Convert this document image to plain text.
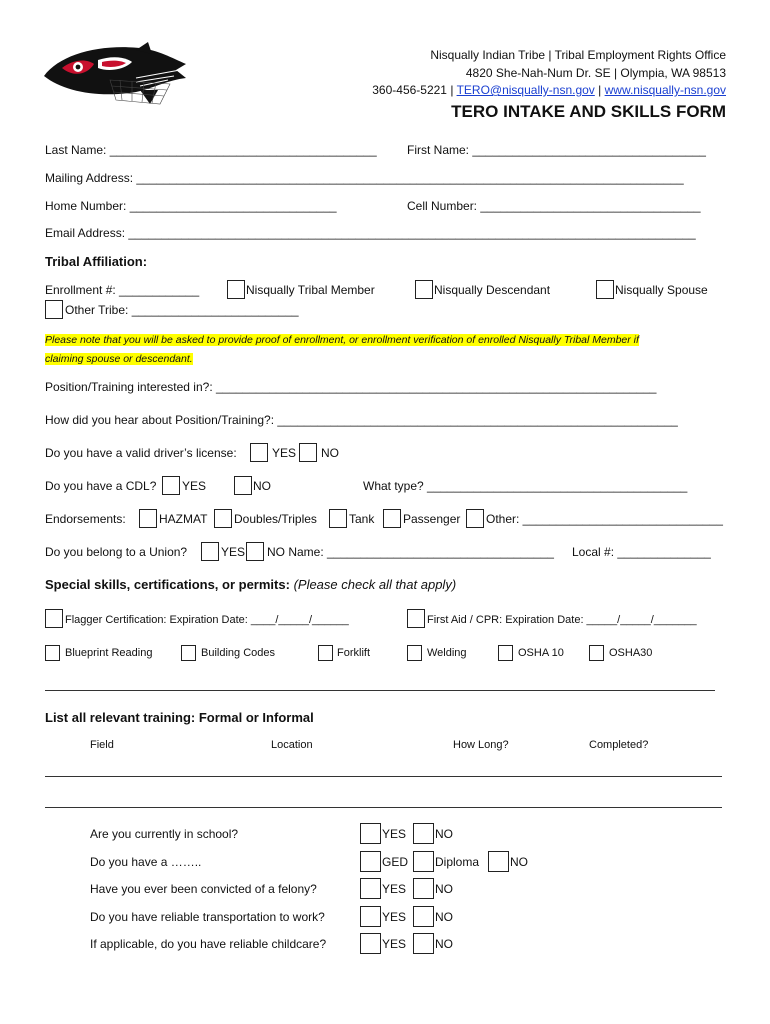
Nisqually Indian Tribe | Tribal Employment Rights Office
4820 She-Nah-Num Dr. SE | Olympia, WA 98513
360-456-5221 | TERO@nisqually-nsn.gov | www.nisqually-nsn.gov
TERO INTAKE AND SKILLS FORM
Last Name: ________________________________________	First Name: ___________________________________
Mailing Address: __________________________________________________________________________________
Home Number: _______________________________	Cell Number: _________________________________
Email Address: _____________________________________________________________________________________
Tribal Affiliation:
Enrollment #: ____________	Nisqually Tribal Member	Nisqually Descendant	Nisqually Spouse
Other Tribe: _________________________
Please note that you will be asked to provide proof of enrollment, or enrollment verification of enrolled Nisqually Tribal Member if
claiming spouse or descendant.
Position/Training interested in?: __________________________________________________________________
How did you hear about Position/Training?: ____________________________________________________________
Do you have a valid driver’s license:	YES NO
Do you have a CDL? YES	NO	What type? _______________________________________
Endorsements:	HAZMAT Doubles/Triples	Tank Passenger Other: ______________________________
Do you belong to a Union?	YES NO Name: __________________________________ Local #: ______________
Special skills, certifications, or permits: (Please check all that apply)
Flagger Certification: Expiration Date: ____/_____/______	First Aid / CPR: Expiration Date: _____/_____/_______
Blueprint Reading	Building Codes	Forklift	Welding	OSHA 10	OSHA30
List all relevant training: Formal or Informal
Field	Location	How Long?	Completed?
Are you currently in school?	YES NO
Do you have a ……..	GED Diploma	NO
Have you ever been convicted of a felony?	YES NO
Do you have reliable transportation to work?	YES NO
If applicable, do you have reliable childcare?	YES NO
